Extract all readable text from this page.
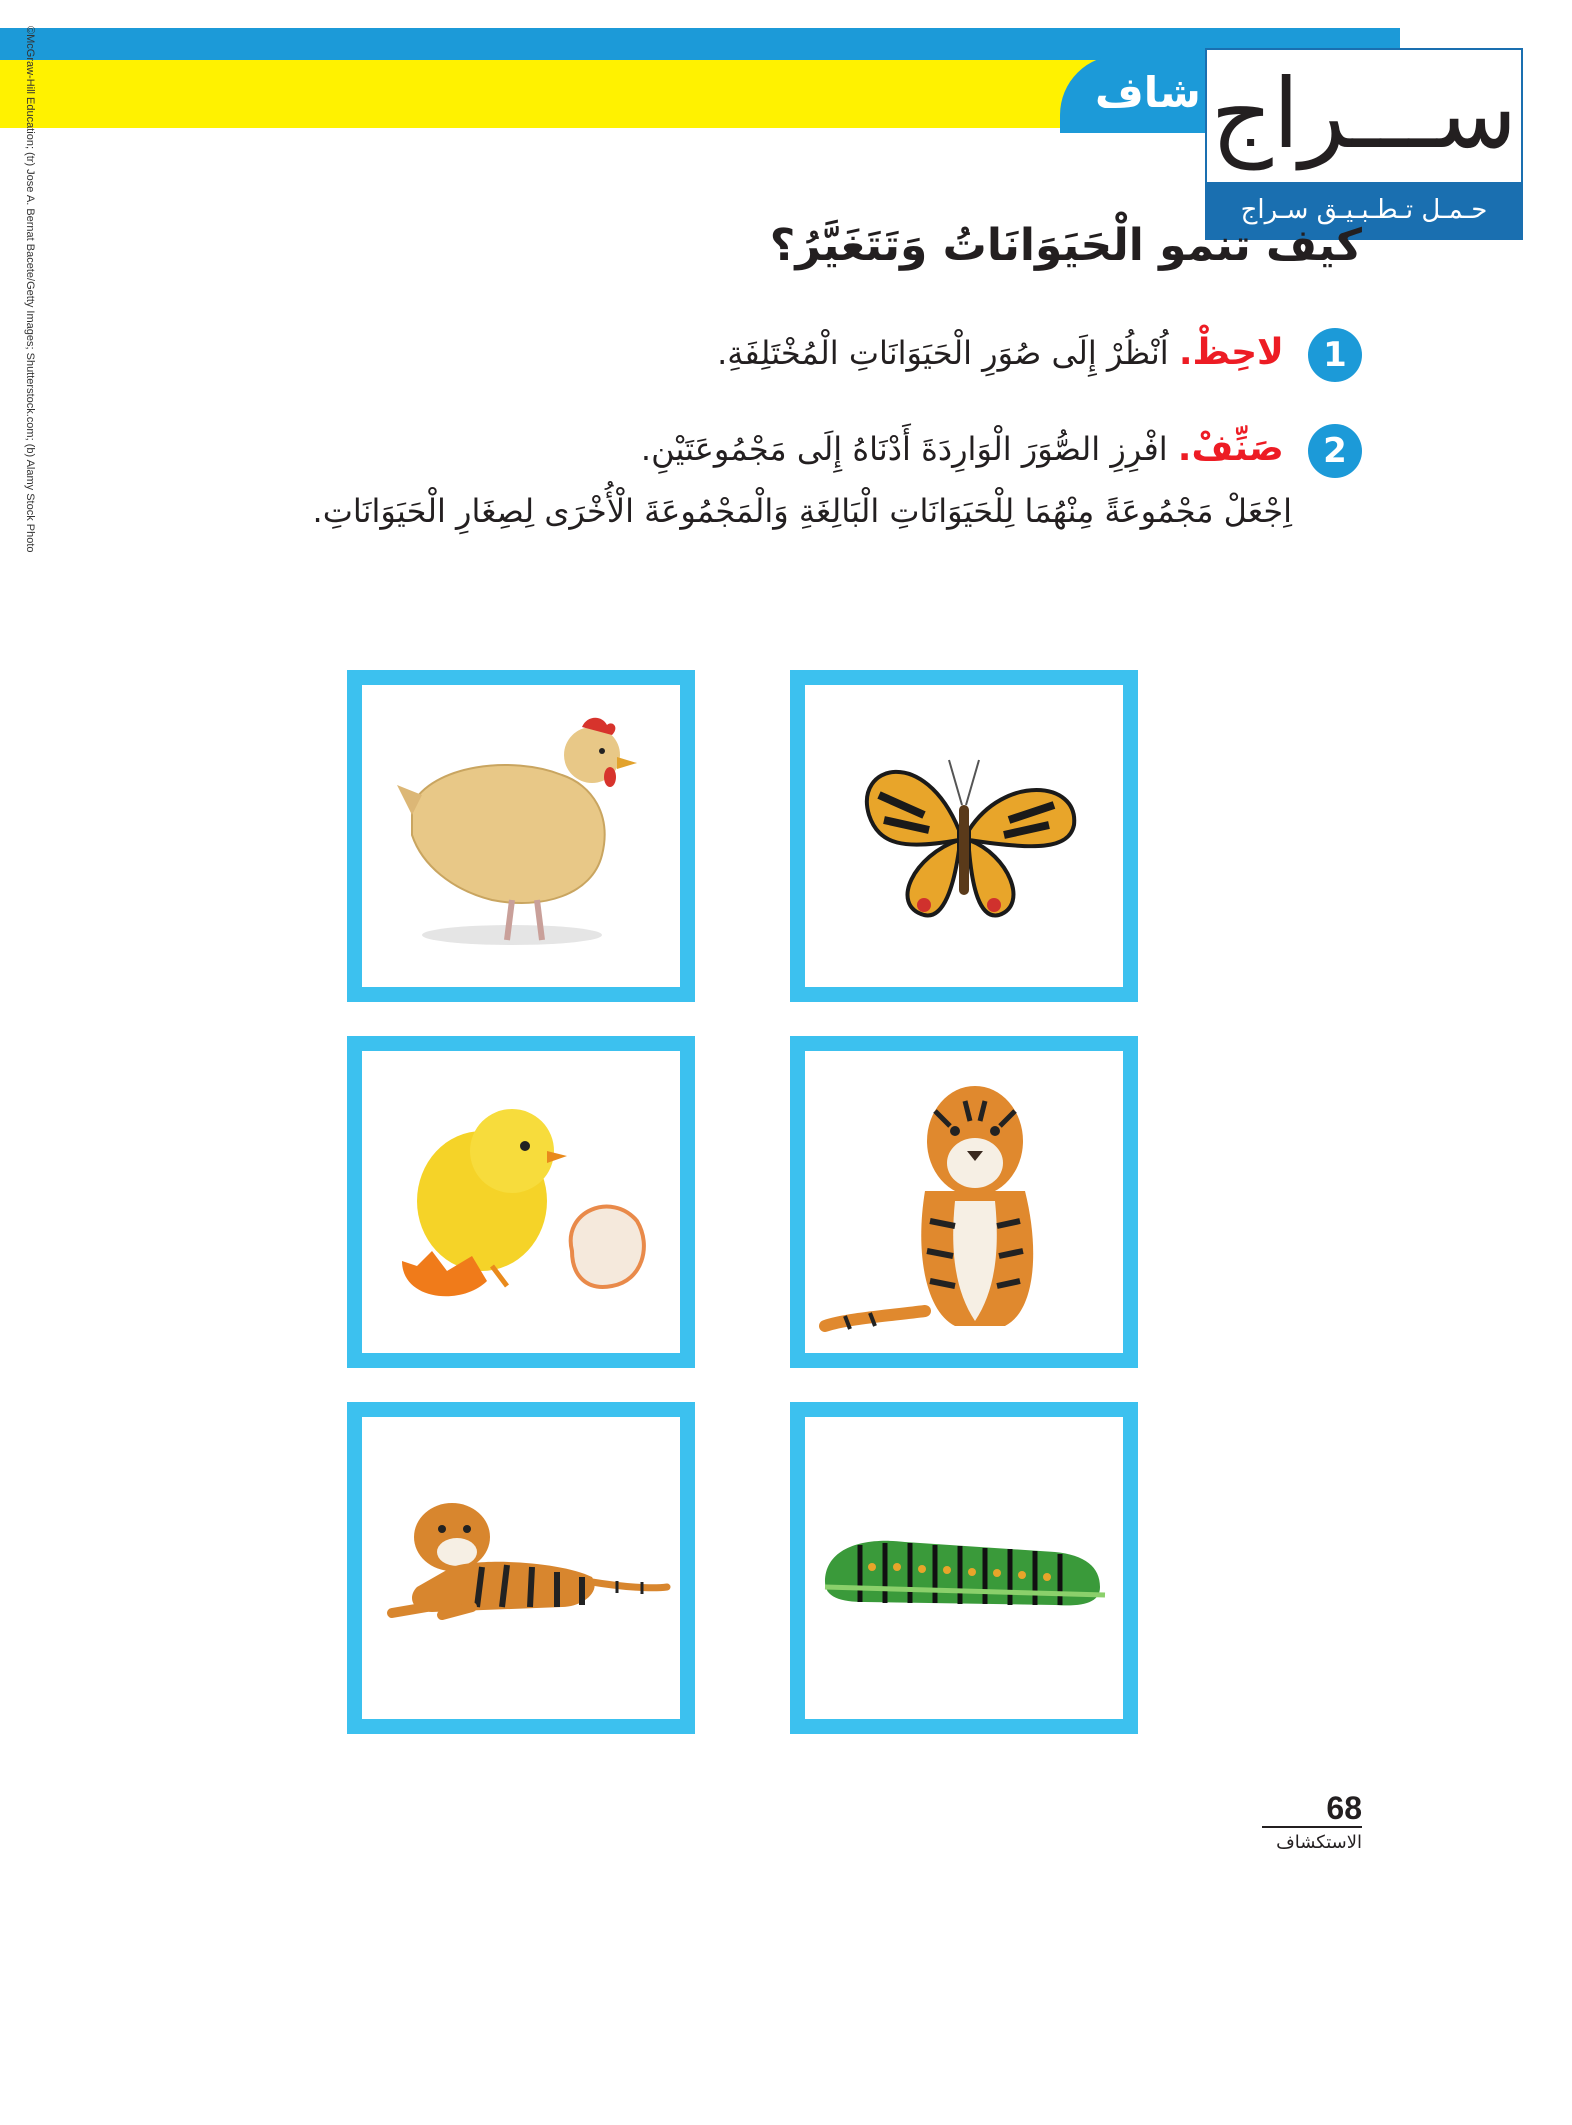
شاف ســـراج
حـمـل تـطـبـيـق سـراج
©McGraw-Hill Education; (tr) Jose A. Bernat Bacete/Getty Images; Shutterstock.com; (b) Alamy Stock Photo	كيف تنمو الْحَيَوَانَاتُ وَتَتَغَيَّرُ؟
1 لاحِظْ. اُنْظُرْ إِلَى صُوَرِ الْحَيَوَانَاتِ الْمُخْتَلِفَةِ.
2 صَنِّفْ. افْرِزِ الصُّوَرَ الْوَارِدَةَ أَدْنَاهُ إِلَى مَجْمُوعَتَيْنِ.
اِجْعَلْ مَجْمُوعَةً مِنْهُمَا لِلْحَيَوَانَاتِ الْبَالِغَةِ وَالْمَجْمُوعَةَ الْأُخْرَى لِصِغَارِ الْحَيَوَانَاتِ.
68
الاستكشاف
